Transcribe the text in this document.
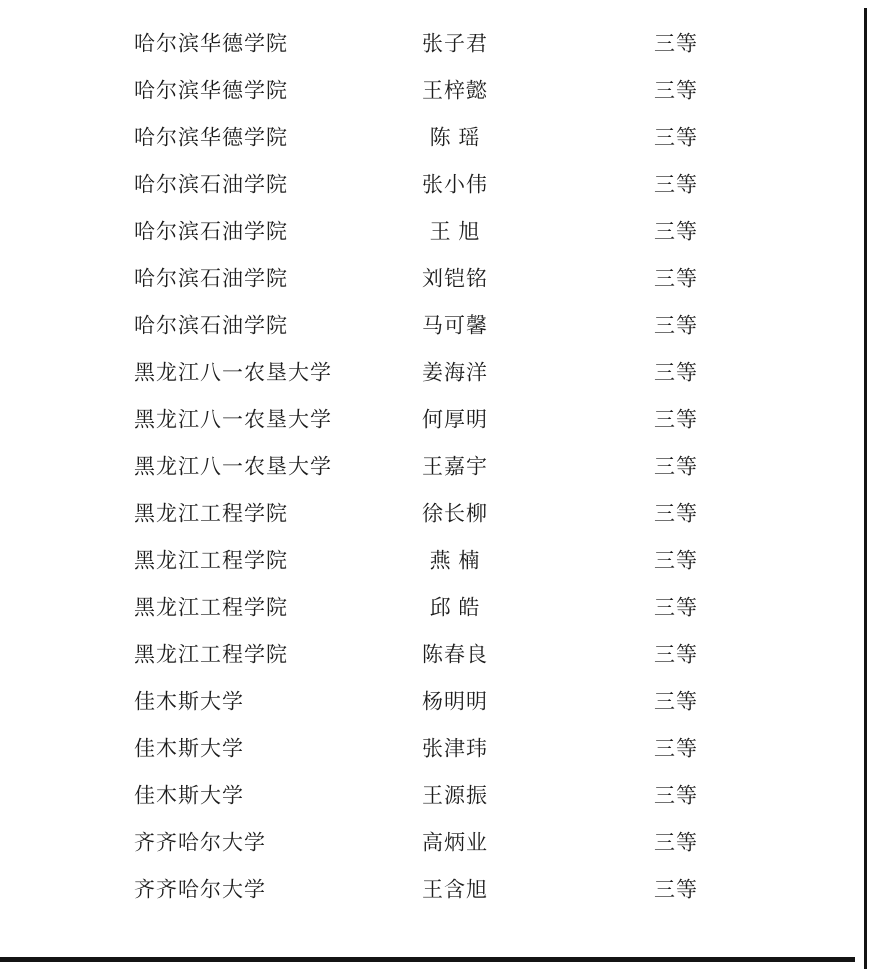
哈尔滨华德学院	张子君	三等
哈尔滨华德学院	王梓懿	三等
哈尔滨华德学院	陈 瑶	三等
哈尔滨石油学院	张小伟	三等
哈尔滨石油学院	王 旭	三等
哈尔滨石油学院	刘铠铭	三等
哈尔滨石油学院	马可馨	三等
黑龙江八一农垦大学	姜海洋	三等
黑龙江八一农垦大学	何厚明	三等
黑龙江八一农垦大学	王嘉宇	三等
黑龙江工程学院	徐长柳	三等
黑龙江工程学院	燕 楠	三等
黑龙江工程学院	邱 皓	三等
黑龙江工程学院	陈春良	三等
佳木斯大学	杨明明	三等
佳木斯大学	张津玮	三等
佳木斯大学	王源振	三等
齐齐哈尔大学	高炳业	三等
齐齐哈尔大学	王含旭	三等
